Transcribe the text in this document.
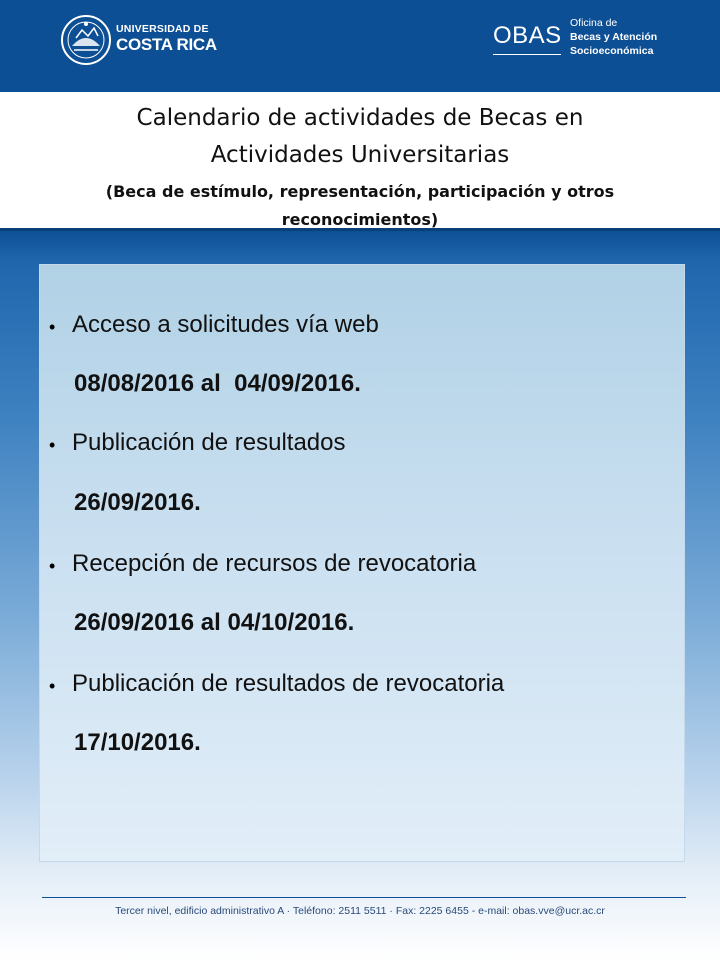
UNIVERSIDAD DE
COSTA RICA	OBAS Oficina de
Becas y Atención
Socioeconómica
Calendario de actividades de Becas en
Actividades Universitarias
(Beca de estímulo, representación, participación y otros reconocimientos)
• Acceso a solicitudes vía web
08/08/2016 al  04/09/2016.
• Publicación de resultados
26/09/2016.
• Recepción de recursos de revocatoria
26/09/2016 al 04/10/2016.
• Publicación de resultados de revocatoria
17/10/2016.
Tercer nivel, edificio administrativo A · Teléfono: 2511 5511 · Fax: 2225 6455 - e-mail: obas.vve@ucr.ac.cr
